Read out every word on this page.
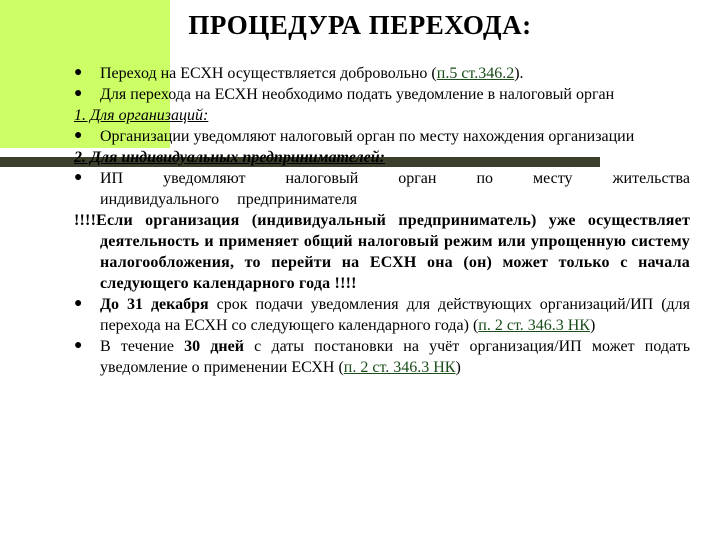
ПРОЦЕДУРА ПЕРЕХОДА:
● Переход на ЕСХН осуществляется добровольно (п.5 ст.346.2).
● Для перехода на ЕСХН необходимо подать уведомление в налоговый орган
1. Для организаций:
● Организации уведомляют налоговый орган по месту нахождения организации
2. Для индивидуальных предпринимателей:
● ИП уведомляют налоговый орган по месту жительства индивидуального предпринимателя
!!!!Если организация (индивидуальный предприниматель) уже осуществляет деятельность и применяет общий налоговый режим или упрощенную систему налогообложения, то перейти на ЕСХН она (он) может только с начала следующего календарного года !!!!
● До 31 декабря срок подачи уведомления для действующих организаций/ИП (для перехода на ЕСХН со следующего календарного года) (п. 2 ст. 346.3 НК)
● В течение 30 дней с даты постановки на учёт организация/ИП может подать уведомление о применении ЕСХН (п. 2 ст. 346.3 НК)
